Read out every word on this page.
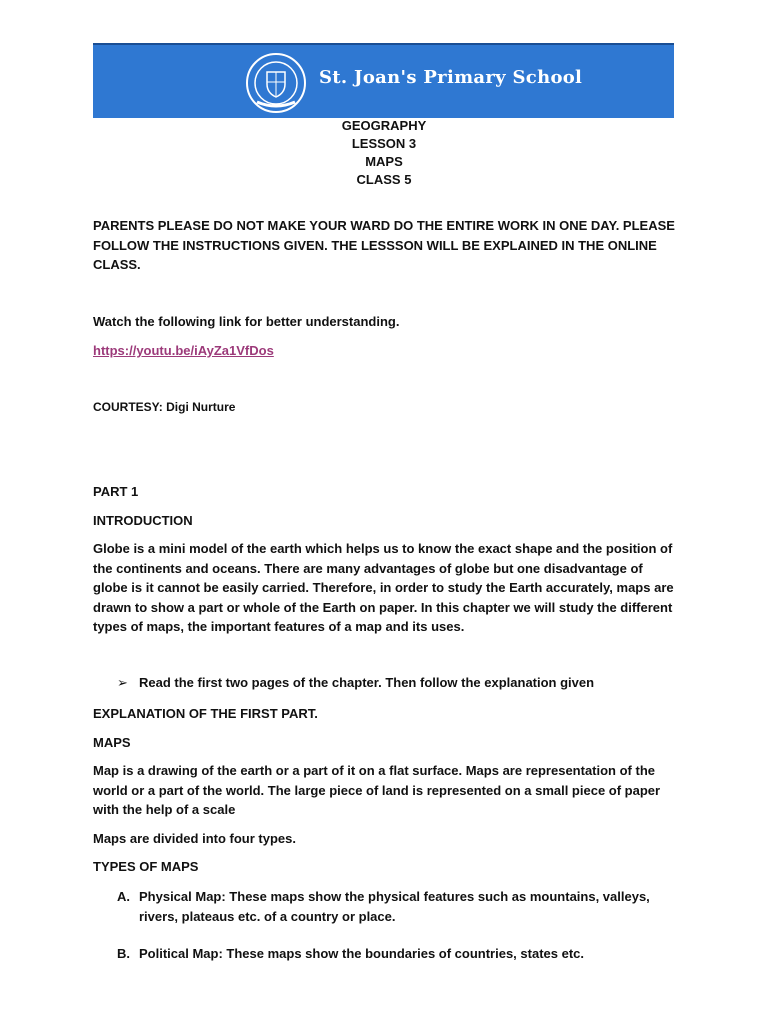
St. Joan's Primary School
GEOGRAPHY
LESSON 3
MAPS
CLASS 5
PARENTS PLEASE DO NOT MAKE YOUR WARD DO THE ENTIRE WORK IN ONE DAY. PLEASE FOLLOW THE INSTRUCTIONS GIVEN. THE LESSSON WILL BE EXPLAINED IN THE ONLINE CLASS.
Watch the following link for better understanding.
https://youtu.be/iAyZa1VfDos
COURTESY: Digi Nurture
PART 1
INTRODUCTION
Globe is a mini model of the earth which helps us to know the exact shape and the position of the continents and oceans. There are many advantages of globe but one disadvantage of globe is it cannot be easily carried. Therefore, in order to study the Earth accurately, maps are drawn to show a part or whole of the Earth on paper. In this chapter we will study the different types of maps, the important features of a map and its uses.
➢ Read the first two pages of the chapter. Then follow the explanation given
EXPLANATION OF THE FIRST PART.
MAPS
Map is a drawing of the earth or a part of it on a flat surface. Maps are representation of the world or a part of the world. The large piece of land is represented on a small piece of paper with the help of a scale
Maps are divided into four types.
TYPES OF MAPS
A. Physical Map: These maps show the physical features such as mountains, valleys, rivers, plateaus etc. of a country or place.
B. Political Map: These maps show the boundaries of countries, states etc.
